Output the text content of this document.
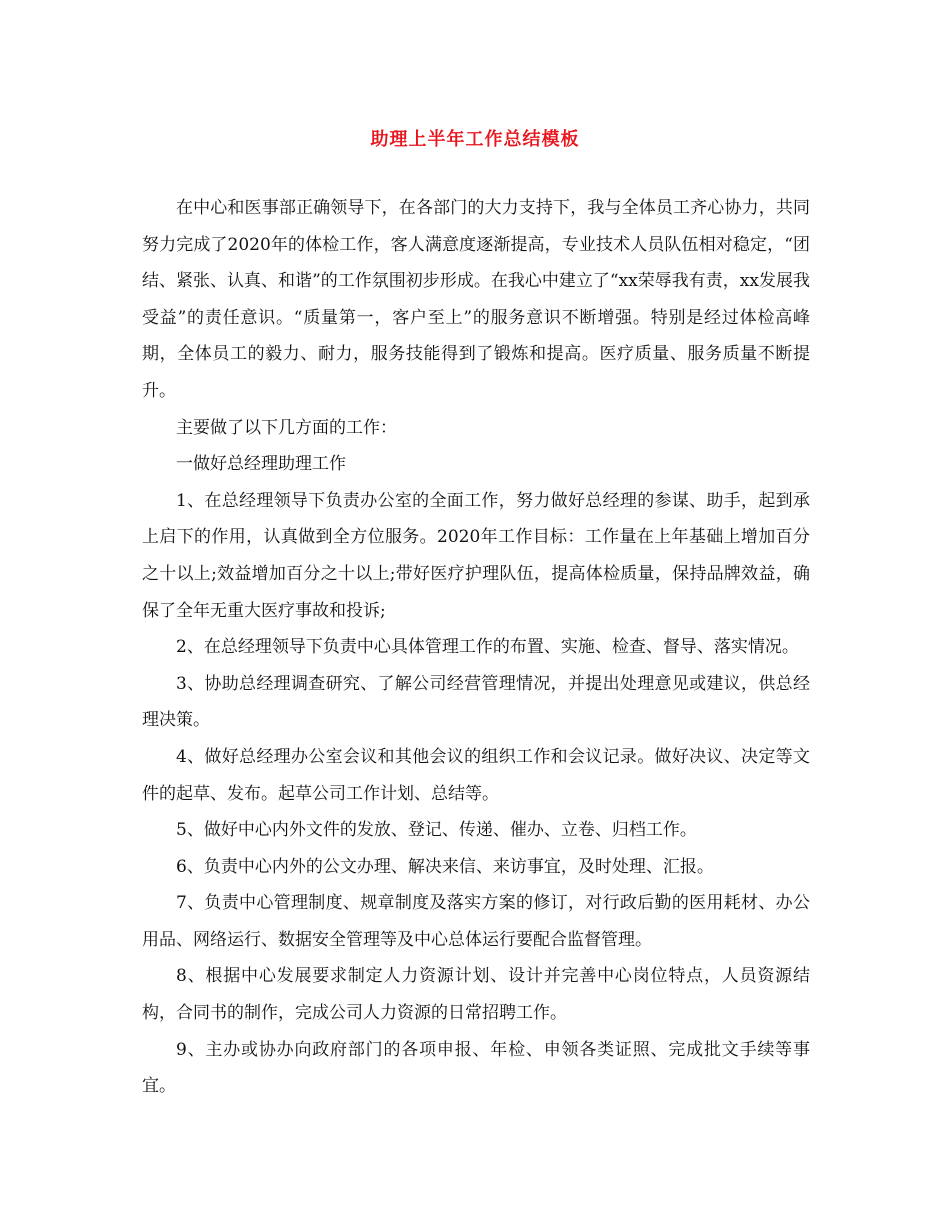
助理上半年工作总结模板

在中心和医事部正确领导下，在各部门的大力支持下，我与全体员工齐心协力，共同努力完成了2020年的体检工作，客人满意度逐渐提高，专业技术人员队伍相对稳定，“团结、紧张、认真、和谐”的工作氛围初步形成。在我心中建立了“xx荣辱我有责，xx发展我受益”的责任意识。“质量第一，客户至上”的服务意识不断增强。特别是经过体检高峰期，全体员工的毅力、耐力，服务技能得到了锻炼和提高。医疗质量、服务质量不断提升。

主要做了以下几方面的工作：

一做好总经理助理工作

1、在总经理领导下负责办公室的全面工作，努力做好总经理的参谋、助手，起到承上启下的作用，认真做到全方位服务。2020年工作目标：工作量在上年基础上增加百分之十以上;效益增加百分之十以上;带好医疗护理队伍，提高体检质量，保持品牌效益，确保了全年无重大医疗事故和投诉;

2、在总经理领导下负责中心具体管理工作的布置、实施、检查、督导、落实情况。

3、协助总经理调查研究、了解公司经营管理情况，并提出处理意见或建议，供总经理决策。

4、做好总经理办公室会议和其他会议的组织工作和会议记录。做好决议、决定等文件的起草、发布。起草公司工作计划、总结等。

5、做好中心内外文件的发放、登记、传递、催办、立卷、归档工作。

6、负责中心内外的公文办理、解决来信、来访事宜，及时处理、汇报。

7、负责中心管理制度、规章制度及落实方案的修订，对行政后勤的医用耗材、办公用品、网络运行、数据安全管理等及中心总体运行要配合监督管理。

8、根据中心发展要求制定人力资源计划、设计并完善中心岗位特点，人员资源结构，合同书的制作，完成公司人力资源的日常招聘工作。

9、主办或协办向政府部门的各项申报、年检、申领各类证照、完成批文手续等事宜。
